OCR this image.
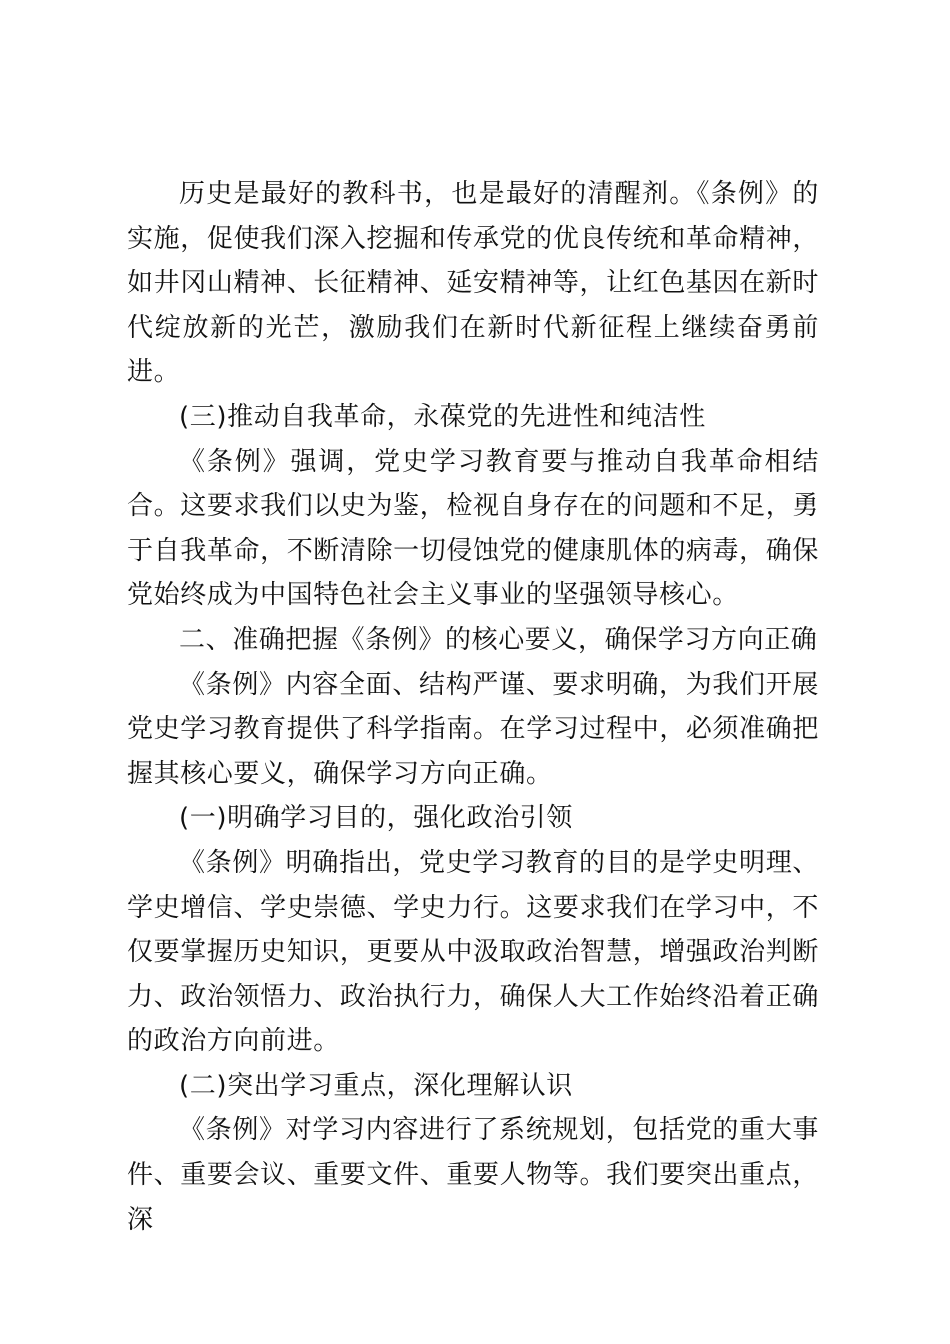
历史是最好的教科书，也是最好的清醒剂。《条例》的实施，促使我们深入挖掘和传承党的优良传统和革命精神，如井冈山精神、长征精神、延安精神等，让红色基因在新时代绽放新的光芒，激励我们在新时代新征程上继续奋勇前进。

(三)推动自我革命，永葆党的先进性和纯洁性

《条例》强调，党史学习教育要与推动自我革命相结合。这要求我们以史为鉴，检视自身存在的问题和不足，勇于自我革命，不断清除一切侵蚀党的健康肌体的病毒，确保党始终成为中国特色社会主义事业的坚强领导核心。

二、准确把握《条例》的核心要义，确保学习方向正确

《条例》内容全面、结构严谨、要求明确，为我们开展党史学习教育提供了科学指南。在学习过程中，必须准确把握其核心要义，确保学习方向正确。

(一)明确学习目的，强化政治引领

《条例》明确指出，党史学习教育的目的是学史明理、学史增信、学史崇德、学史力行。这要求我们在学习中，不仅要掌握历史知识，更要从中汲取政治智慧，增强政治判断力、政治领悟力、政治执行力，确保人大工作始终沿着正确的政治方向前进。

(二)突出学习重点，深化理解认识

《条例》对学习内容进行了系统规划，包括党的重大事件、重要会议、重要文件、重要人物等。我们要突出重点，深
